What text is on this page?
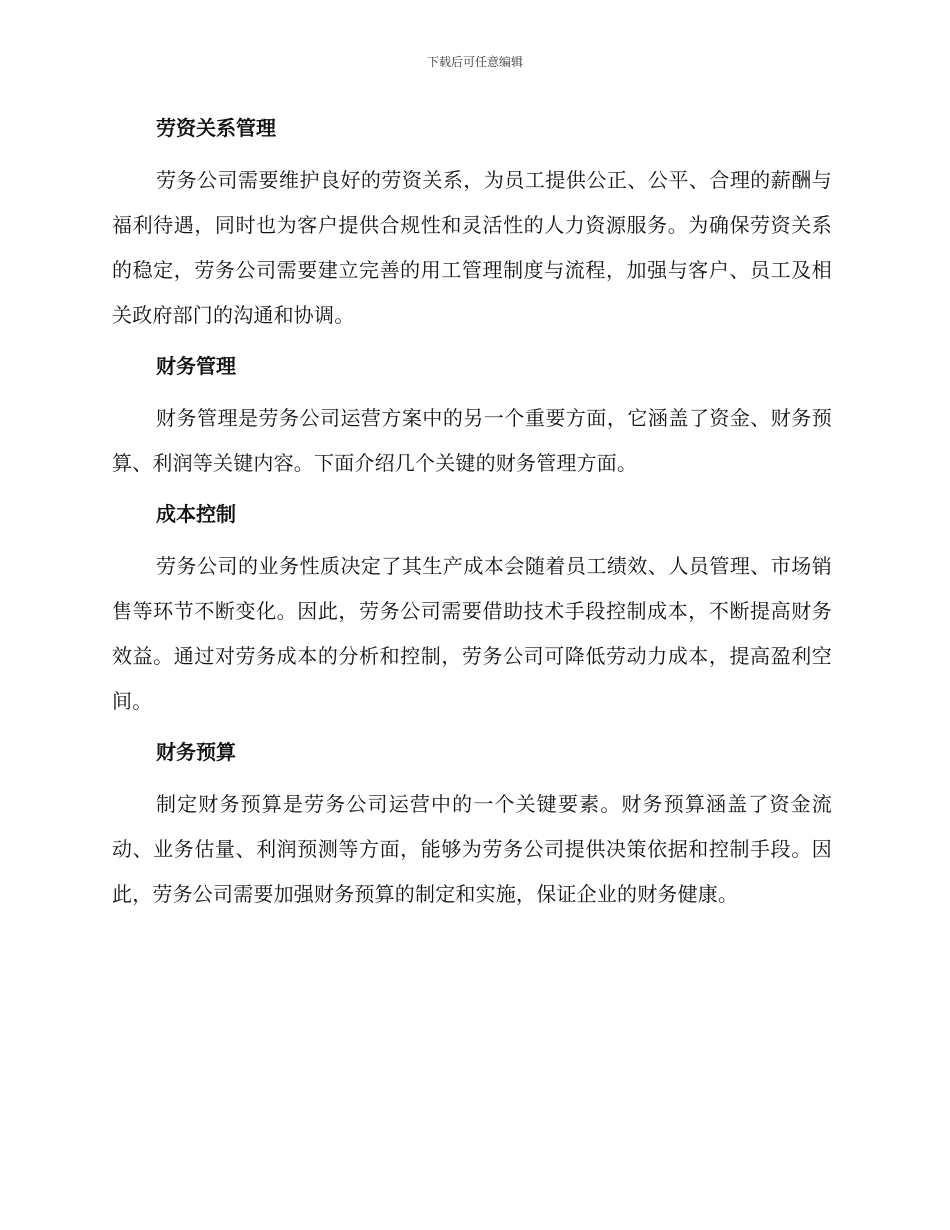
下载后可任意编辑
劳资关系管理
劳务公司需要维护良好的劳资关系，为员工提供公正、公平、合理的薪酬与福利待遇，同时也为客户提供合规性和灵活性的人力资源服务。为确保劳资关系的稳定，劳务公司需要建立完善的用工管理制度与流程，加强与客户、员工及相关政府部门的沟通和协调。
财务管理
财务管理是劳务公司运营方案中的另一个重要方面，它涵盖了资金、财务预算、利润等关键内容。下面介绍几个关键的财务管理方面。
成本控制
劳务公司的业务性质决定了其生产成本会随着员工绩效、人员管理、市场销售等环节不断变化。因此，劳务公司需要借助技术手段控制成本，不断提高财务效益。通过对劳务成本的分析和控制，劳务公司可降低劳动力成本，提高盈利空间。
财务预算
制定财务预算是劳务公司运营中的一个关键要素。财务预算涵盖了资金流动、业务估量、利润预测等方面，能够为劳务公司提供决策依据和控制手段。因此，劳务公司需要加强财务预算的制定和实施，保证企业的财务健康。
